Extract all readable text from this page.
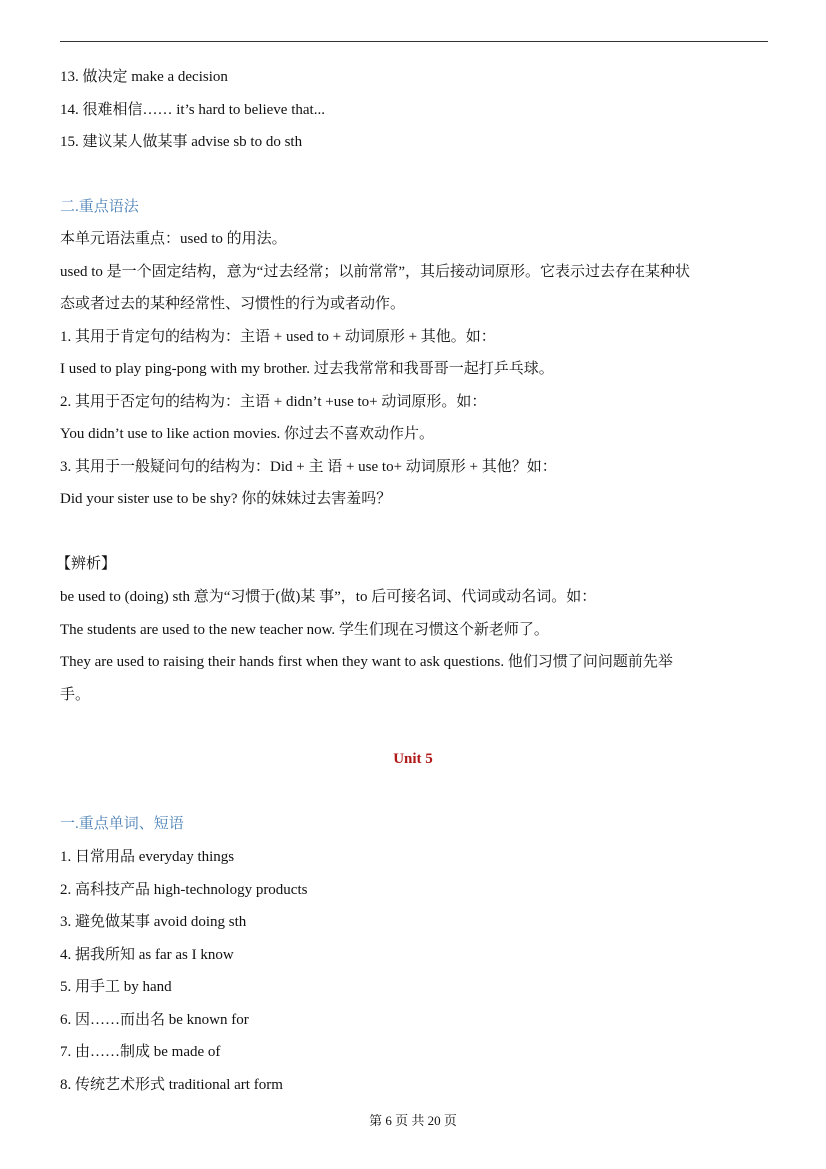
13. 做决定 make a decision
14. 很难相信…… it’s hard to believe that...
15. 建议某人做某事 advise sb to do sth
二.重点语法
本单元语法重点：used to 的用法。
used to 是一个固定结构，意为“过去经常；以前常常”，其后接动词原形。它表示过去存在某种状
态或者过去的某种经常性、习惯性的行为或者动作。
1. 其用于肯定句的结构为：主语 + used to + 动词原形 + 其他。如：
I used to play ping-pong with my brother. 过去我常常和我哥哥一起打乒乓球。
2. 其用于否定句的结构为：主语 + didn’t +use to+ 动词原形。如：
You didn’t use to like action movies. 你过去不喜欢动作片。
3. 其用于一般疑问句的结构为：Did + 主 语 + use to+ 动词原形 + 其他？如：
Did your sister use to be shy? 你的妹妹过去害羞吗？
【辨析】
be used to (doing) sth 意为“习惯于(做)某 事”，to 后可接名词、代词或动名词。如：
The students are used to the new teacher now. 学生们现在习惯这个新老师了。
They are used to raising their hands first when they want to ask questions. 他们习惯了问问题前先举
手。
Unit 5
一.重点单词、短语
1. 日常用品 everyday things
2. 高科技产品 high-technology products
3. 避免做某事 avoid doing sth
4. 据我所知 as far as I know
5. 用手工 by hand
6. 因……而出名 be known for
7. 由……制成 be made of
8. 传统艺术形式 traditional art form
第 6 页 共 20 页
